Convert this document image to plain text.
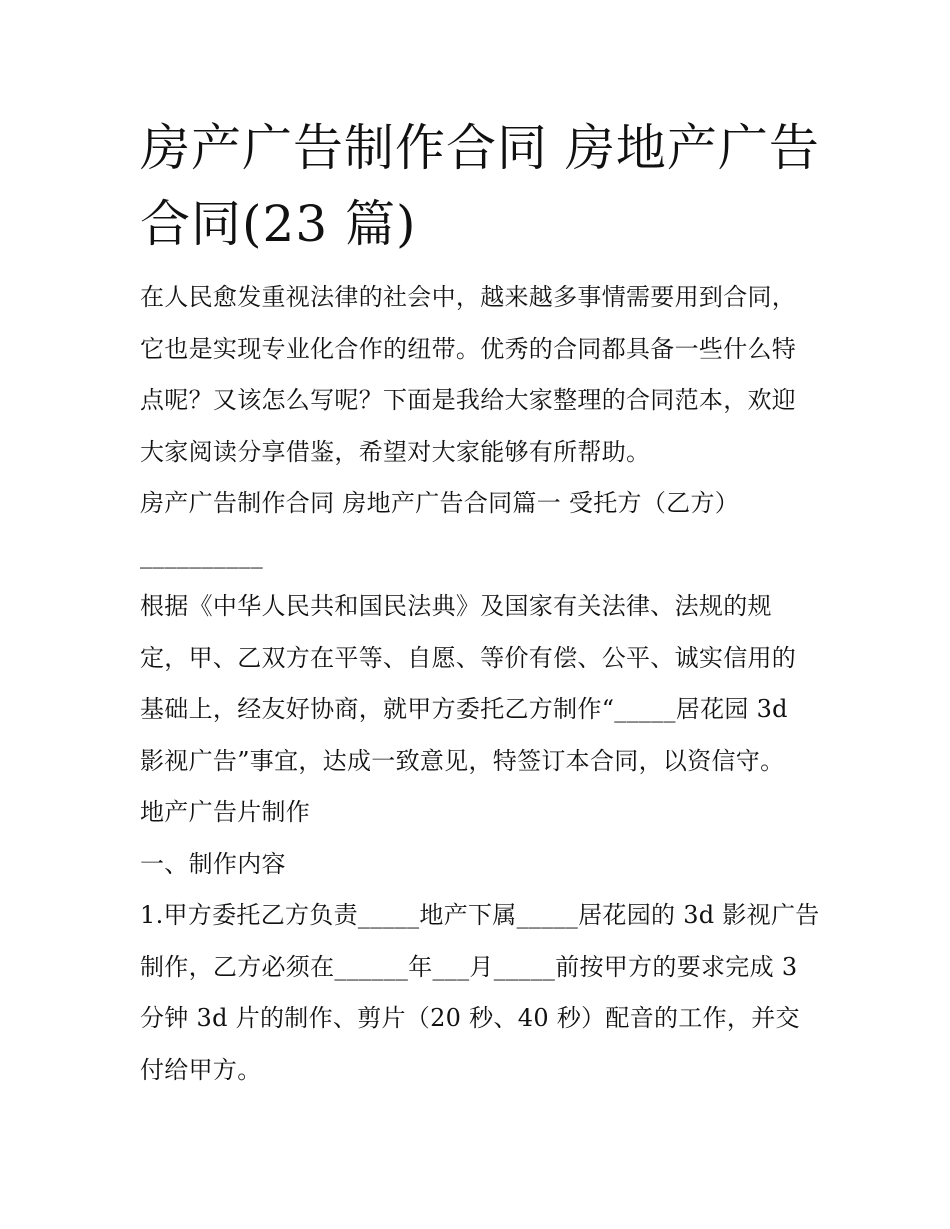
房产广告制作合同 房地产广告合同(23 篇)

在人民愈发重视法律的社会中，越来越多事情需要用到合同，它也是实现专业化合作的纽带。优秀的合同都具备一些什么特点呢？又该怎么写呢？下面是我给大家整理的合同范本，欢迎大家阅读分享借鉴，希望对大家能够有所帮助。

房产广告制作合同 房地产广告合同篇一 受托方（乙方）__________

根据《中华人民共和国民法典》及国家有关法律、法规的规定，甲、乙双方在平等、自愿、等价有偿、公平、诚实信用的基础上，经友好协商，就甲方委托乙方制作“_____居花园 3d 影视广告”事宜，达成一致意见，特签订本合同，以资信守。

地产广告片制作

一、制作内容

1.甲方委托乙方负责_____地产下属_____居花园的 3d 影视广告制作，乙方必须在______年___月_____前按甲方的要求完成 3 分钟 3d 片的制作、剪片（20 秒、40 秒）配音的工作，并交付给甲方。
